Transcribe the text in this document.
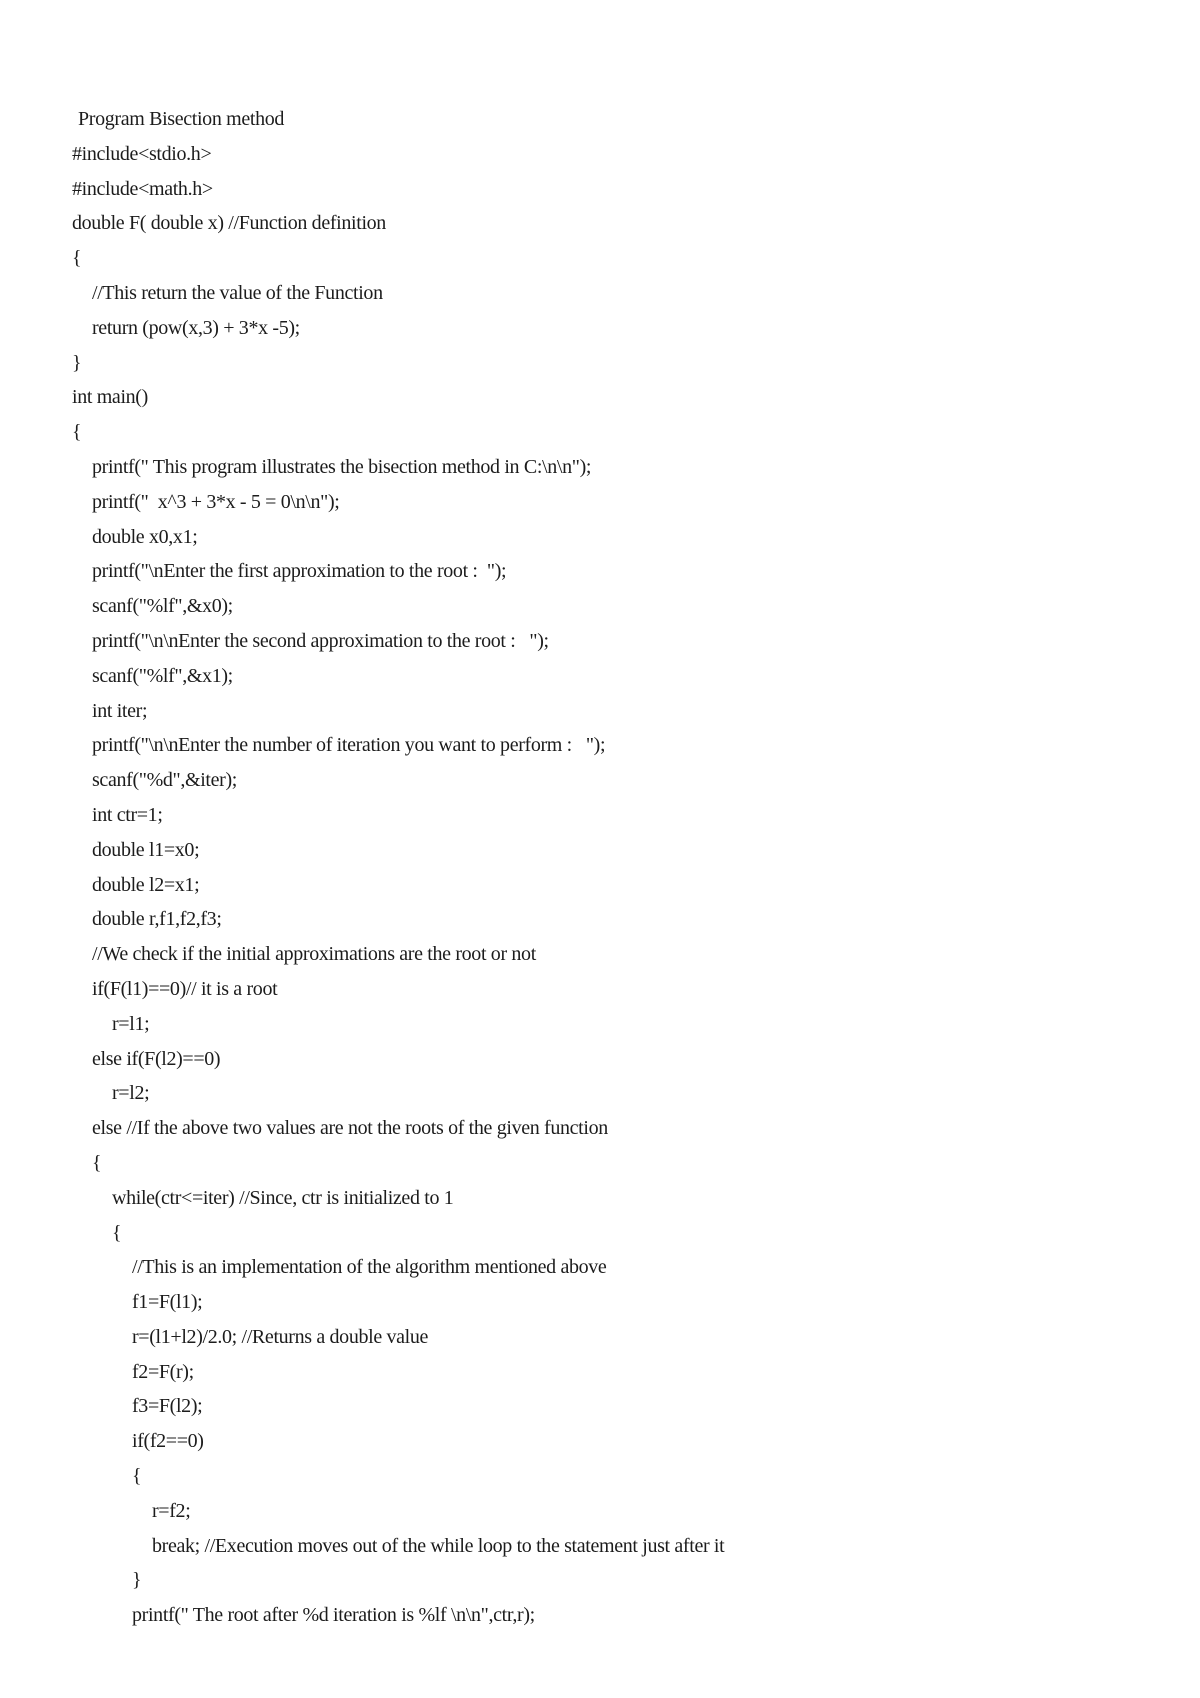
Program Bisection method
#include<stdio.h>
#include<math.h>
double F( double x) //Function definition
{
//This return the value of the Function
return (pow(x,3) + 3*x -5);
}
int main()
{
printf(" This program illustrates the bisection method in C:\n\n");
printf("  x^3 + 3*x - 5 = 0\n\n");
double x0,x1;
printf("\nEnter the first approximation to the root :  ");
scanf("%lf",&x0);
printf("\n\nEnter the second approximation to the root :   ");
scanf("%lf",&x1);
int iter;
printf("\n\nEnter the number of iteration you want to perform :   ");
scanf("%d",&iter);
int ctr=1;
double l1=x0;
double l2=x1;
double r,f1,f2,f3;
//We check if the initial approximations are the root or not
if(F(l1)==0)// it is a root
r=l1;
else if(F(l2)==0)
r=l2;
else //If the above two values are not the roots of the given function
{
while(ctr<=iter) //Since, ctr is initialized to 1
{
//This is an implementation of the algorithm mentioned above
f1=F(l1);
r=(l1+l2)/2.0; //Returns a double value
f2=F(r);
f3=F(l2);
if(f2==0)
{
r=f2;
break; //Execution moves out of the while loop to the statement just after it
}
printf(" The root after %d iteration is %lf \n\n",ctr,r);
